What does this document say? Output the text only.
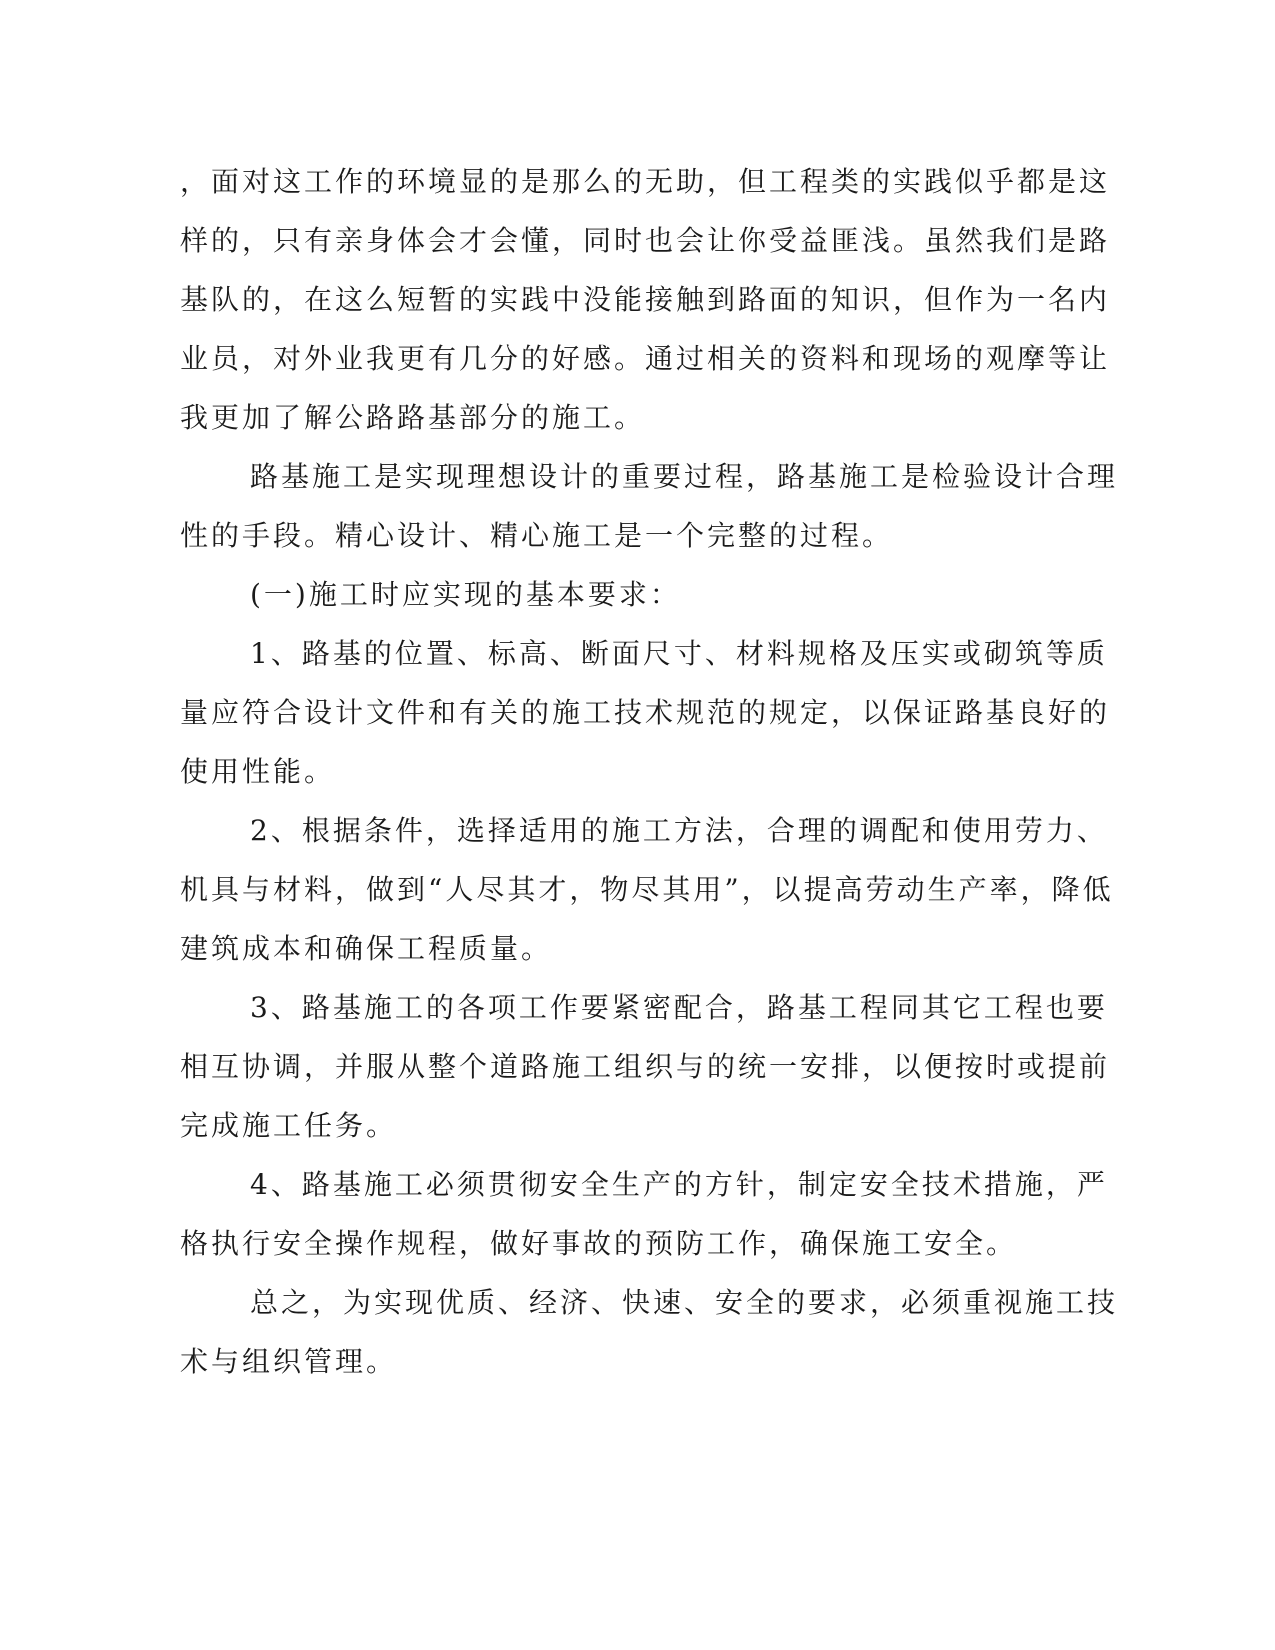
，面对这工作的环境显的是那么的无助，但工程类的实践似乎都是这
样的，只有亲身体会才会懂，同时也会让你受益匪浅。虽然我们是路
基队的，在这么短暂的实践中没能接触到路面的知识，但作为一名内
业员，对外业我更有几分的好感。通过相关的资料和现场的观摩等让
我更加了解公路路基部分的施工。
路基施工是实现理想设计的重要过程，路基施工是检验设计合理
性的手段。精心设计、精心施工是一个完整的过程。
(一)施工时应实现的基本要求：
1、路基的位置、标高、断面尺寸、材料规格及压实或砌筑等质
量应符合设计文件和有关的施工技术规范的规定，以保证路基良好的
使用性能。
2、根据条件，选择适用的施工方法，合理的调配和使用劳力、
机具与材料，做到“人尽其才，物尽其用”，以提高劳动生产率，降低
建筑成本和确保工程质量。
3、路基施工的各项工作要紧密配合，路基工程同其它工程也要
相互协调，并服从整个道路施工组织与的统一安排，以便按时或提前
完成施工任务。
4、路基施工必须贯彻安全生产的方针，制定安全技术措施，严
格执行安全操作规程，做好事故的预防工作，确保施工安全。
总之，为实现优质、经济、快速、安全的要求，必须重视施工技
术与组织管理。
